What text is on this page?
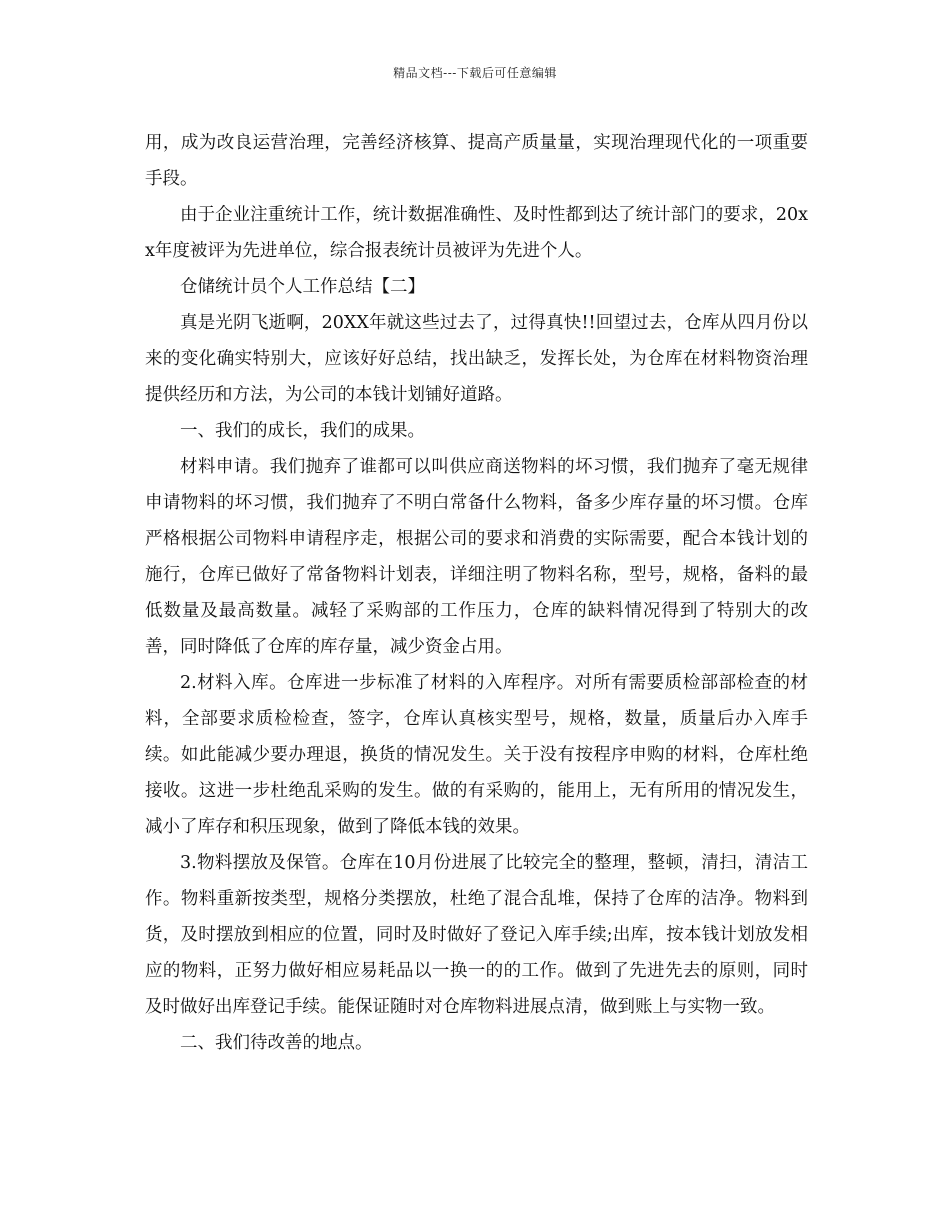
精品文档---下载后可任意编辑

用，成为改良运营治理，完善经济核算、提高产质量量，实现治理现代化的一项重要手段。

由于企业注重统计工作，统计数据准确性、及时性都到达了统计部门的要求，20xx年度被评为先进单位，综合报表统计员被评为先进个人。

仓储统计员个人工作总结【二】

真是光阴飞逝啊，20XX年就这些过去了，过得真快!!回望过去，仓库从四月份以来的变化确实特别大，应该好好总结，找出缺乏，发挥长处，为仓库在材料物资治理提供经历和方法，为公司的本钱计划铺好道路。

一、我们的成长，我们的成果。

材料申请。我们抛弃了谁都可以叫供应商送物料的坏习惯，我们抛弃了毫无规律申请物料的坏习惯，我们抛弃了不明白常备什么物料，备多少库存量的坏习惯。仓库严格根据公司物料申请程序走，根据公司的要求和消费的实际需要，配合本钱计划的施行，仓库已做好了常备物料计划表，详细注明了物料名称，型号，规格，备料的最低数量及最高数量。减轻了采购部的工作压力，仓库的缺料情况得到了特别大的改善，同时降低了仓库的库存量，减少资金占用。

2.材料入库。仓库进一步标准了材料的入库程序。对所有需要质检部部检查的材料，全部要求质检检查，签字，仓库认真核实型号，规格，数量，质量后办入库手续。如此能减少要办理退，换货的情况发生。关于没有按程序申购的材料，仓库杜绝接收。这进一步杜绝乱采购的发生。做的有采购的，能用上，无有所用的情况发生，减小了库存和积压现象，做到了降低本钱的效果。

3.物料摆放及保管。仓库在10月份进展了比较完全的整理，整顿，清扫，清洁工作。物料重新按类型，规格分类摆放，杜绝了混合乱堆，保持了仓库的洁净。物料到货，及时摆放到相应的位置，同时及时做好了登记入库手续;出库，按本钱计划放发相应的物料，正努力做好相应易耗品以一换一的的工作。做到了先进先去的原则，同时及时做好出库登记手续。能保证随时对仓库物料进展点清，做到账上与实物一致。

二、我们待改善的地点。
